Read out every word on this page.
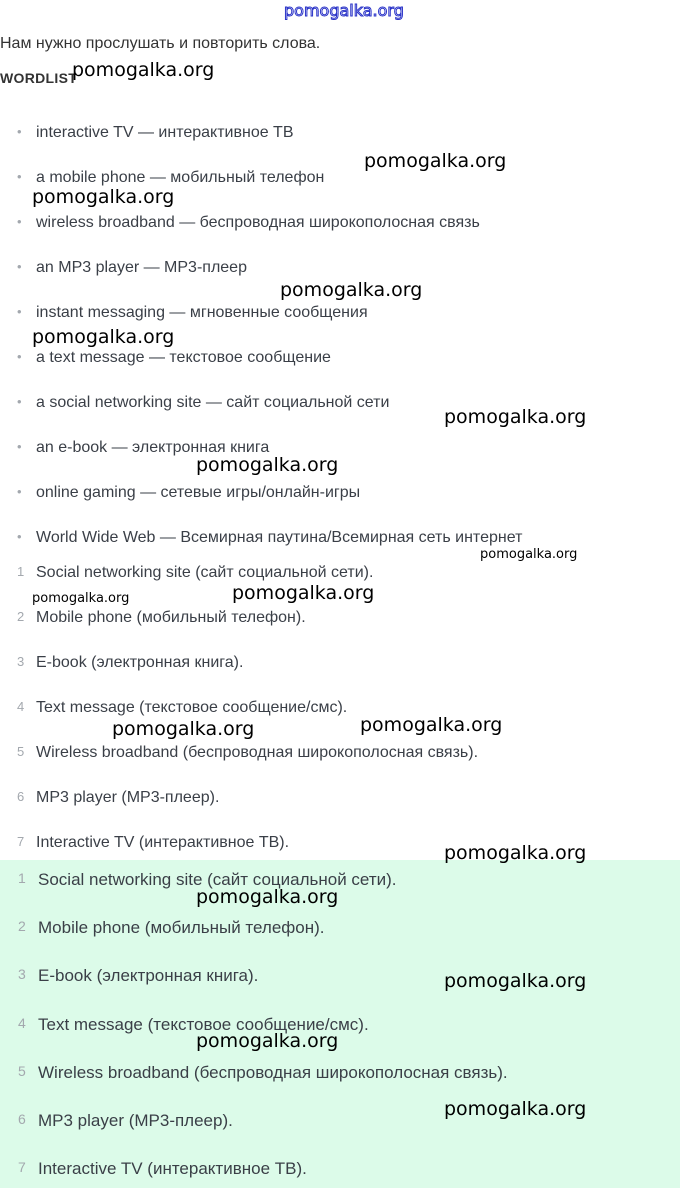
pomogalka.org
Нам нужно прослушать и повторить слова.
WORDLIST
• interactive TV — интерактивное ТВ
• a mobile phone — мобильный телефон
• wireless broadband — беспроводная широкополосная связь
• an MP3 player — MP3-плеер
• instant messaging — мгновенные сообщения
• a text message — текстовое сообщение
• a social networking site — сайт социальной сети
• an e-book — электронная книга
• online gaming — сетевые игры/онлайн-игры
• World Wide Web — Всемирная паутина/Всемирная сеть интернет
1 Social networking site (сайт социальной сети).
2 Mobile phone (мобильный телефон).
3 E-book (электронная книга).
4 Text message (текстовое сообщение/смс).
5 Wireless broadband (беспроводная широкополосная связь).
6 MP3 player (MP3-плеер).
7 Interactive TV (интерактивное ТВ).
1 Social networking site (сайт социальной сети).
2 Mobile phone (мобильный телефон).
3 E-book (электронная книга).
4 Text message (текстовое сообщение/смс).
5 Wireless broadband (беспроводная широкополосная связь).
6 MP3 player (MP3-плеер).
7 Interactive TV (интерактивное ТВ).
pomogalka.org
pomogalka.org
pomogalka.org
pomogalka.org
pomogalka.org
pomogalka.org
pomogalka.org
pomogalka.org
pomogalka.org	pomogalka.org
pomogalka.org	pomogalka.org
pomogalka.org
pomogalka.org
pomogalka.org
pomogalka.org
pomogalka.org
